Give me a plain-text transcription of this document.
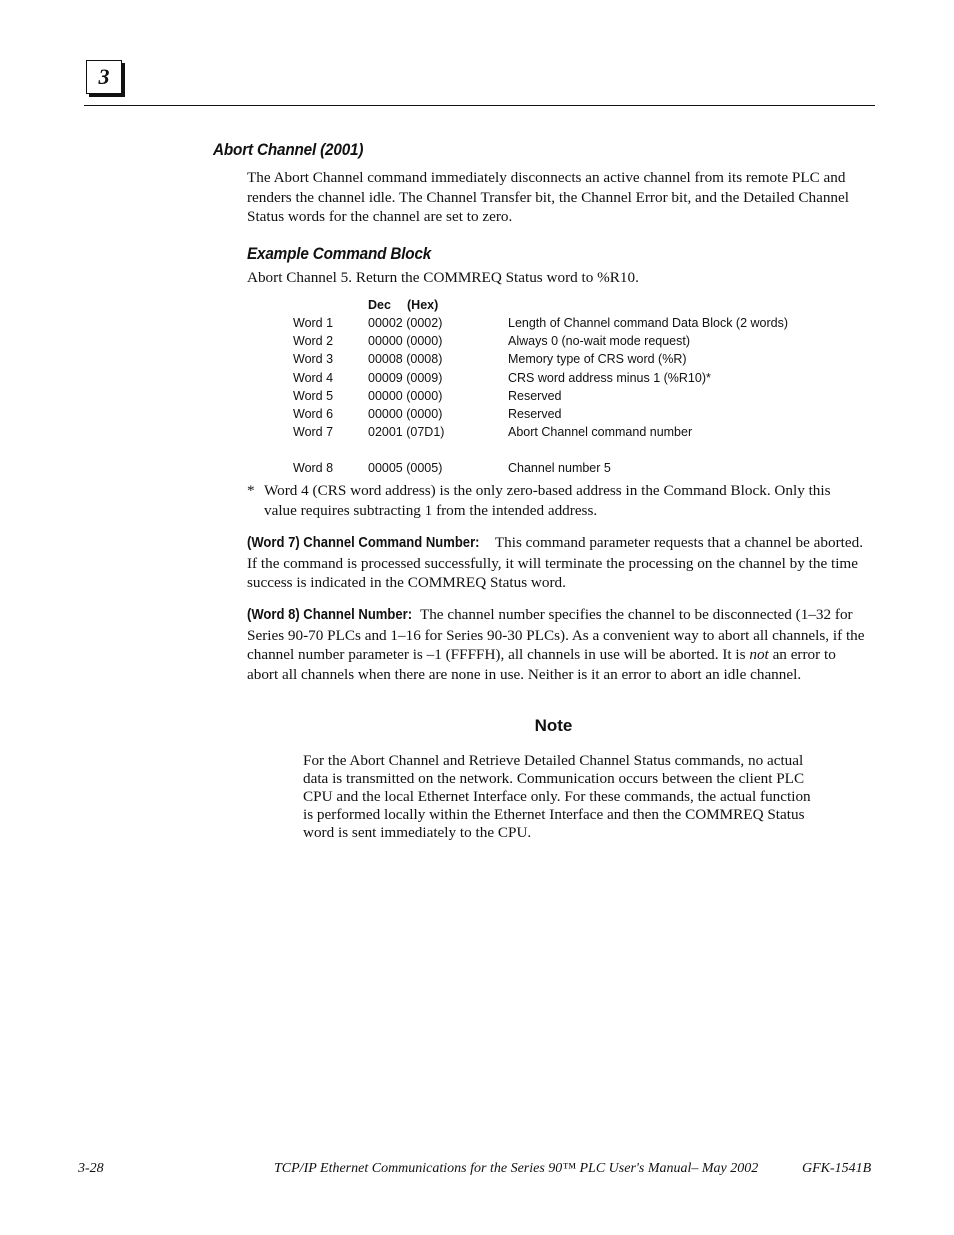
3
Abort Channel (2001)
The Abort Channel command immediately disconnects an active channel from its remote PLC and renders the channel idle. The Channel Transfer bit, the Channel Error bit, and the Detailed Channel Status words for the channel are set to zero.
Example Command Block
Abort Channel 5. Return the COMMREQ Status word to %R10.
Dec (Hex)
Word 1	00002 (0002)	Length of Channel command Data Block (2 words)
Word 2	00000 (0000)	Always 0 (no-wait mode request)
Word 3	00008 (0008)	Memory type of CRS word (%R)
Word 4	00009 (0009)	CRS word address minus 1 (%R10)*
Word 5	00000 (0000)	Reserved
Word 6	00000 (0000)	Reserved
Word 7	02001 (07D1)	Abort Channel command number
Word 8	00005 (0005)	Channel number 5
* Word 4 (CRS word address) is the only zero-based address in the Command Block. Only this value requires subtracting 1 from the intended address.
(Word 7) Channel Command Number: This command parameter requests that a channel be aborted. If the command is processed successfully, it will terminate the processing on the channel by the time success is indicated in the COMMREQ Status word.
(Word 8) Channel Number: The channel number specifies the channel to be disconnected (1–32 for Series 90-70 PLCs and 1–16 for Series 90-30 PLCs). As a convenient way to abort all channels, if the channel number parameter is –1 (FFFFH), all channels in use will be aborted. It is not an error to abort all channels when there are none in use. Neither is it an error to abort an idle channel.
Note
For the Abort Channel and Retrieve Detailed Channel Status commands, no actual data is transmitted on the network. Communication occurs between the client PLC CPU and the local Ethernet Interface only. For these commands, the actual function is performed locally within the Ethernet Interface and then the COMMREQ Status word is sent immediately to the CPU.
3-28	TCP/IP Ethernet Communications for the Series 90™ PLC User's Manual– May 2002	GFK-1541B
